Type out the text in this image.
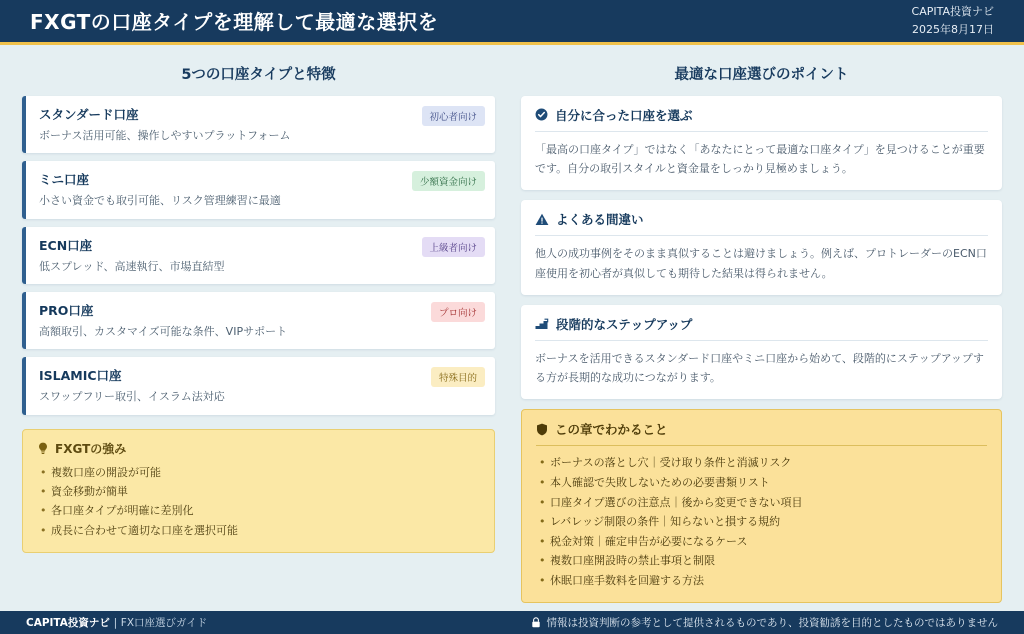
FXGTの口座タイプを理解して最適な選択を	CAPITA投資ナビ
2025年8月17日
5つの口座タイプと特徴
スタンダード口座
ボーナス活用可能、操作しやすいプラットフォーム
初心者向け
ミニ口座
小さい資金でも取引可能、リスク管理練習に最適
少額資金向け
ECN口座
低スプレッド、高速執行、市場直結型
上級者向け
PRO口座
高額取引、カスタマイズ可能な条件、VIPサポート
プロ向け
ISLAMIC口座
スワップフリー取引、イスラム法対応
特殊目的
FXGTの強み
• 複数口座の開設が可能
• 資金移動が簡単
• 各口座タイプが明確に差別化
• 成長に合わせて適切な口座を選択可能
最適な口座選びのポイント
自分に合った口座を選ぶ
「最高の口座タイプ」ではなく「あなたにとって最適な口座タイプ」を見つけることが重要です。自分の取引スタイルと資金量をしっかり見極めましょう。
よくある間違い
他人の成功事例をそのまま真似することは避けましょう。例えば、プロトレーダーのECN口座使用を初心者が真似しても期待した結果は得られません。
段階的なステップアップ
ボーナスを活用できるスタンダード口座やミニ口座から始めて、段階的にステップアップする方が長期的な成功につながります。
この章でわかること
• ボーナスの落とし穴｜受け取り条件と消滅リスク
• 本人確認で失敗しないための必要書類リスト
• 口座タイプ選びの注意点｜後から変更できない項目
• レバレッジ制限の条件｜知らないと損する規約
• 税金対策｜確定申告が必要になるケース
• 複数口座開設時の禁止事項と制限
• 休眠口座手数料を回避する方法
CAPITA投資ナビ | FX口座選びガイド	情報は投資判断の参考として提供されるものであり、投資勧誘を目的としたものではありません
